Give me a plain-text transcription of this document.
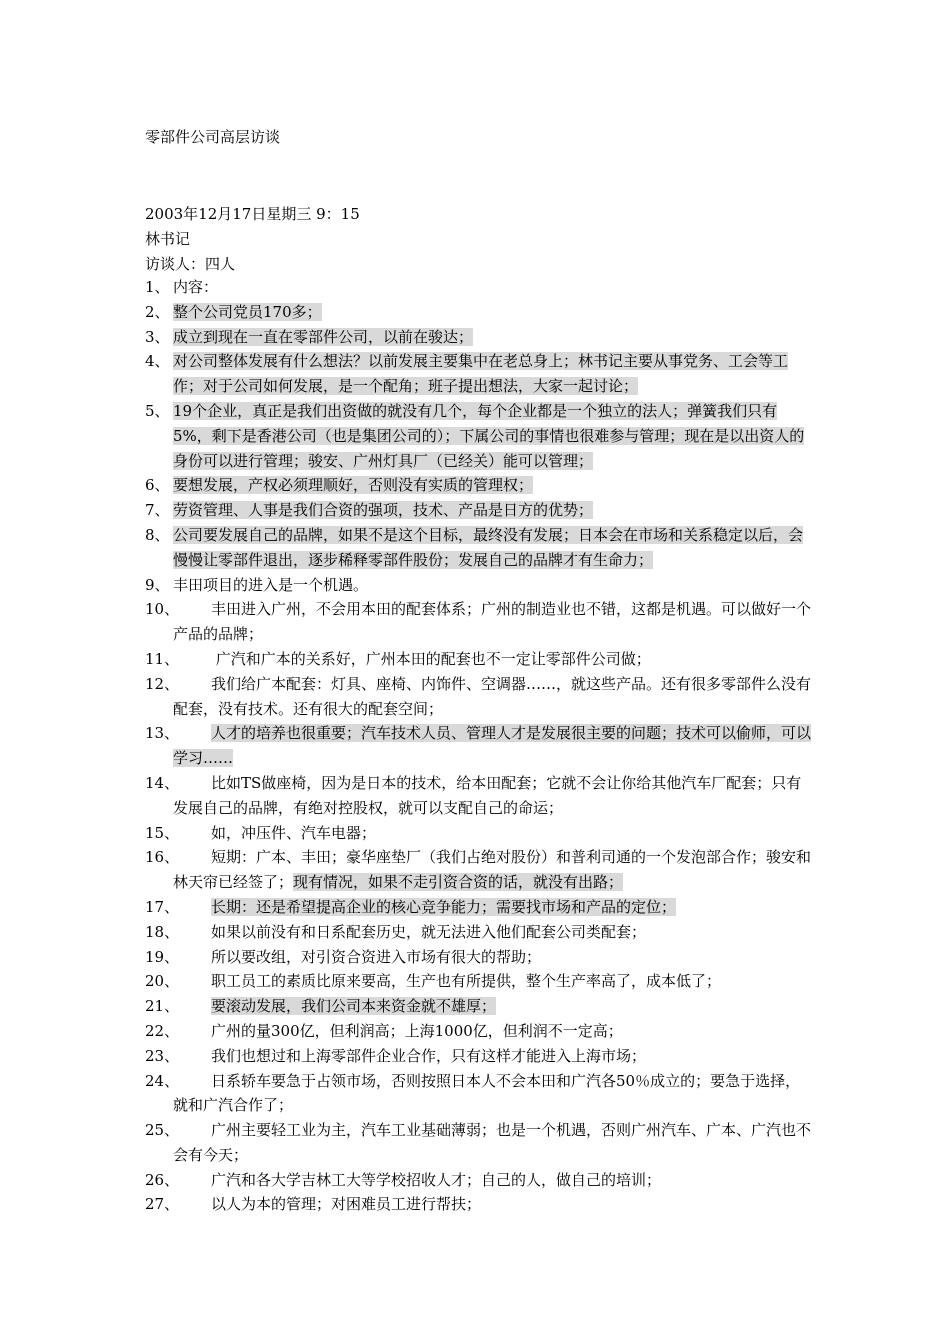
零部件公司高层访谈
2003年12月17日星期三 9：15
林书记
访谈人：四人
1、 内容：
2、 整个公司党员170多；
3、 成立到现在一直在零部件公司，以前在骏达；
4、 对公司整体发展有什么想法？以前发展主要集中在老总身上；林书记主要从事党务、工会等工作；对于公司如何发展，是一个配角；班子提出想法，大家一起讨论；
5、 19个企业，真正是我们出资做的就没有几个，每个企业都是一个独立的法人；弹簧我们只有5%，剩下是香港公司（也是集团公司的）；下属公司的事情也很难参与管理；现在是以出资人的身份可以进行管理；骏安、广州灯具厂（已经关）能可以管理；
6、 要想发展，产权必须理顺好，否则没有实质的管理权；
7、 劳资管理、人事是我们合资的强项，技术、产品是日方的优势；
8、 公司要发展自己的品牌，如果不是这个目标，最终没有发展；日本会在市场和关系稳定以后，会慢慢让零部件退出，逐步稀释零部件股份；发展自己的品牌才有生命力；
9、 丰田项目的进入是一个机遇。
10、 丰田进入广州，不会用本田的配套体系；广州的制造业也不错，这都是机遇。可以做好一个产品的品牌；
11、 广汽和广本的关系好，广州本田的配套也不一定让零部件公司做；
12、 我们给广本配套：灯具、座椅、内饰件、空调器……，就这些产品。还有很多零部件么没有配套，没有技术。还有很大的配套空间；
13、 人才的培养也很重要；汽车技术人员、管理人才是发展很主要的问题；技术可以偷师，可以学习……
14、 比如TS做座椅，因为是日本的技术，给本田配套；它就不会让你给其他汽车厂配套；只有发展自己的品牌，有绝对控股权，就可以支配自己的命运；
15、 如，冲压件、汽车电器；
16、 短期：广本、丰田；豪华座垫厂（我们占绝对股份）和普利司通的一个发泡部合作；骏安和林天帘已经签了；现有情况，如果不走引资合资的话，就没有出路；
17、 长期：还是希望提高企业的核心竞争能力；需要找市场和产品的定位；
18、 如果以前没有和日系配套历史，就无法进入他们配套公司类配套；
19、 所以要改组，对引资合资进入市场有很大的帮助；
20、 职工员工的素质比原来要高，生产也有所提供，整个生产率高了，成本低了；
21、 要滚动发展，我们公司本来资金就不雄厚；
22、 广州的量300亿，但利润高；上海1000亿，但利润不一定高；
23、 我们也想过和上海零部件企业合作，只有这样才能进入上海市场；
24、 日系轿车要急于占领市场，否则按照日本人不会本田和广汽各50％成立的；要急于选择，就和广汽合作了；
25、 广州主要轻工业为主，汽车工业基础薄弱；也是一个机遇，否则广州汽车、广本、广汽也不会有今天；
26、 广汽和各大学吉林工大等学校招收人才；自己的人，做自己的培训；
27、 以人为本的管理；对困难员工进行帮扶；
